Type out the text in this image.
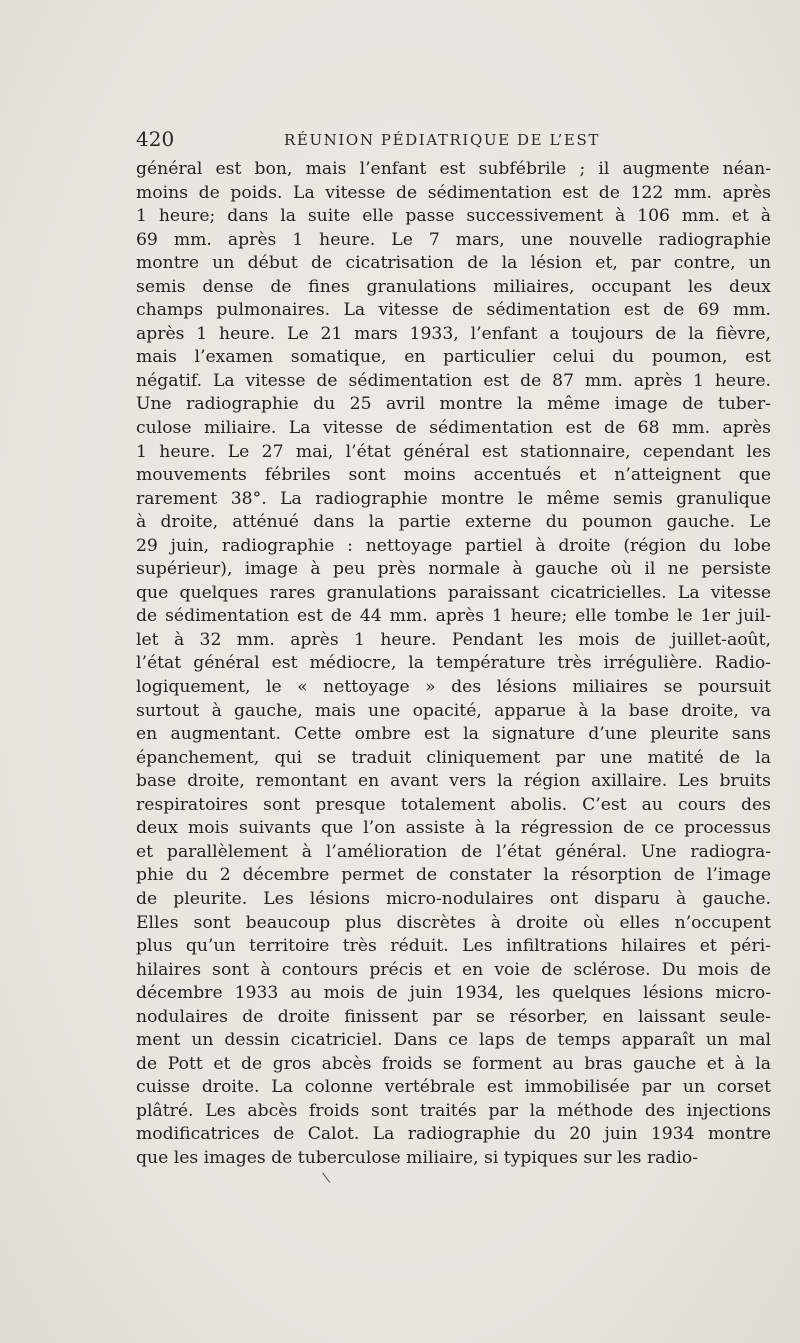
420	RÉUNION PÉDIATRIQUE DE L’EST
général est bon, mais l’enfant est subfébrile ; il augmente néan-
moins de poids. La vitesse de sédimentation est de 122 mm. après
1 heure; dans la suite elle passe successivement à 106 mm. et à
69 mm. après 1 heure. Le 7 mars, une nouvelle radiographie
montre un début de cicatrisation de la lésion et, par contre, un
semis dense de fines granulations miliaires, occupant les deux
champs pulmonaires. La vitesse de sédimentation est de 69 mm.
après 1 heure. Le 21 mars 1933, l’enfant a toujours de la fièvre,
mais l’examen somatique, en particulier celui du poumon, est
négatif. La vitesse de sédimentation est de 87 mm. après 1 heure.
Une radiographie du 25 avril montre la même image de tuber-
culose miliaire. La vitesse de sédimentation est de 68 mm. après
1 heure. Le 27 mai, l’état général est stationnaire, cependant les
mouvements fébriles sont moins accentués et n’atteignent que
rarement 38°. La radiographie montre le même semis granulique
à droite, atténué dans la partie externe du poumon gauche. Le
29 juin, radiographie : nettoyage partiel à droite (région du lobe
supérieur), image à peu près normale à gauche où il ne persiste
que quelques rares granulations paraissant cicatricielles. La vitesse
de sédimentation est de 44 mm. après 1 heure; elle tombe le 1er juil-
let à 32 mm. après 1 heure. Pendant les mois de juillet-août,
l’état général est médiocre, la température très irrégulière. Radio-
logiquement, le « nettoyage » des lésions miliaires se poursuit
surtout à gauche, mais une opacité, apparue à la base droite, va
en augmentant. Cette ombre est la signature d’une pleurite sans
épanchement, qui se traduit cliniquement par une matité de la
base droite, remontant en avant vers la région axillaire. Les bruits
respiratoires sont presque totalement abolis. C’est au cours des
deux mois suivants que l’on assiste à la régression de ce processus
et parallèlement à l’amélioration de l’état général. Une radiogra-
phie du 2 décembre permet de constater la résorption de l’image
de pleurite. Les lésions micro-nodulaires ont disparu à gauche.
Elles sont beaucoup plus discrètes à droite où elles n’occupent
plus qu’un territoire très réduit. Les infiltrations hilaires et péri-
hilaires sont à contours précis et en voie de sclérose. Du mois de
décembre 1933 au mois de juin 1934, les quelques lésions micro-
nodulaires de droite finissent par se résorber, en laissant seule-
ment un dessin cicatriciel. Dans ce laps de temps apparaît un mal
de Pott et de gros abcès froids se forment au bras gauche et à la
cuisse droite. La colonne vertébrale est immobilisée par un corset
plâtré. Les abcès froids sont traités par la méthode des injections
modificatrices de Calot. La radiographie du 20 juin 1934 montre
que les images de tuberculose miliaire, si typiques sur les radio-
\
